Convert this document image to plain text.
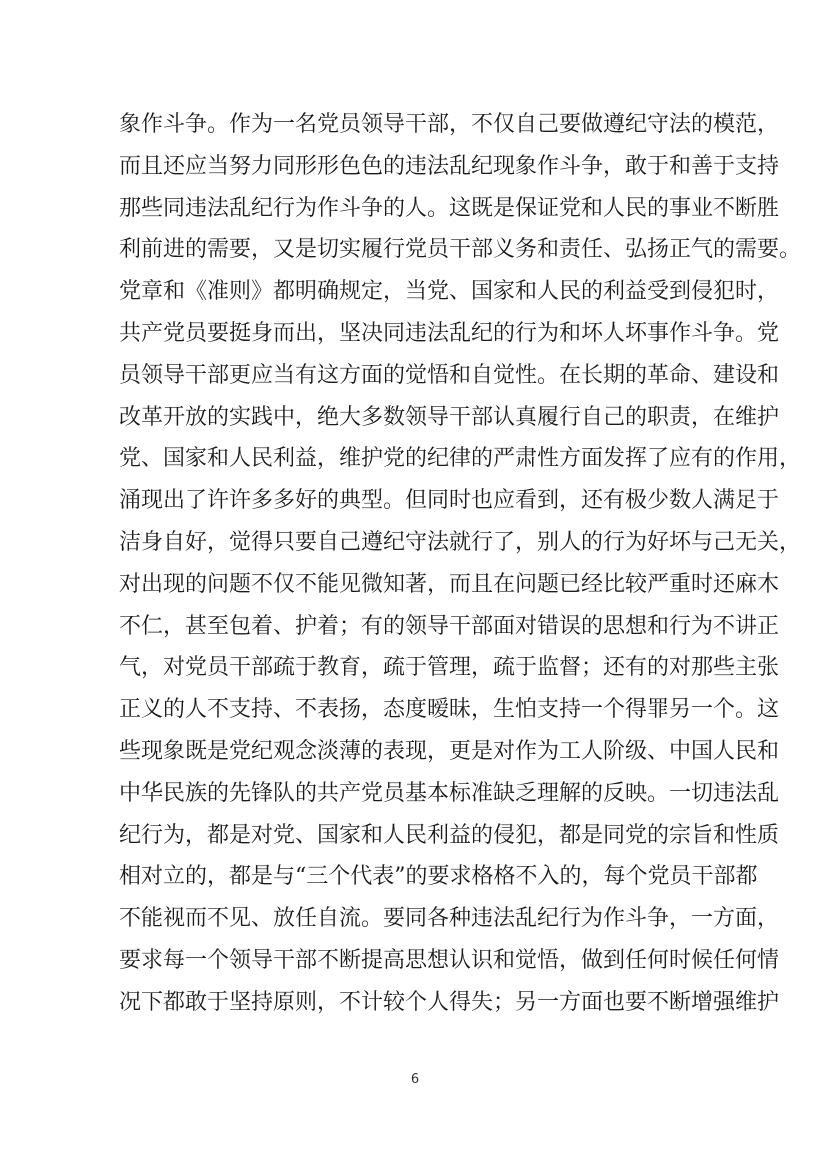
象作斗争。作为一名党员领导干部，不仅自己要做遵纪守法的模范，
而且还应当努力同形形色色的违法乱纪现象作斗争，敢于和善于支持
那些同违法乱纪行为作斗争的人。这既是保证党和人民的事业不断胜
利前进的需要，又是切实履行党员干部义务和责任、弘扬正气的需要。
党章和《准则》都明确规定，当党、国家和人民的利益受到侵犯时，
共产党员要挺身而出，坚决同违法乱纪的行为和坏人坏事作斗争。党
员领导干部更应当有这方面的觉悟和自觉性。在长期的革命、建设和
改革开放的实践中，绝大多数领导干部认真履行自己的职责，在维护
党、国家和人民利益，维护党的纪律的严肃性方面发挥了应有的作用，
涌现出了许许多多好的典型。但同时也应看到，还有极少数人满足于
洁身自好，觉得只要自己遵纪守法就行了，别人的行为好坏与己无关，
对出现的问题不仅不能见微知著，而且在问题已经比较严重时还麻木
不仁，甚至包着、护着；有的领导干部面对错误的思想和行为不讲正
气，对党员干部疏于教育，疏于管理，疏于监督；还有的对那些主张
正义的人不支持、不表扬，态度暧昧，生怕支持一个得罪另一个。这
些现象既是党纪观念淡薄的表现，更是对作为工人阶级、中国人民和
中华民族的先锋队的共产党员基本标准缺乏理解的反映。一切违法乱
纪行为，都是对党、国家和人民利益的侵犯，都是同党的宗旨和性质
相对立的，都是与“三个代表”的要求格格不入的，每个党员干部都
不能视而不见、放任自流。要同各种违法乱纪行为作斗争，一方面，
要求每一个领导干部不断提高思想认识和觉悟，做到任何时候任何情
况下都敢于坚持原则，不计较个人得失；另一方面也要不断增强维护
6
